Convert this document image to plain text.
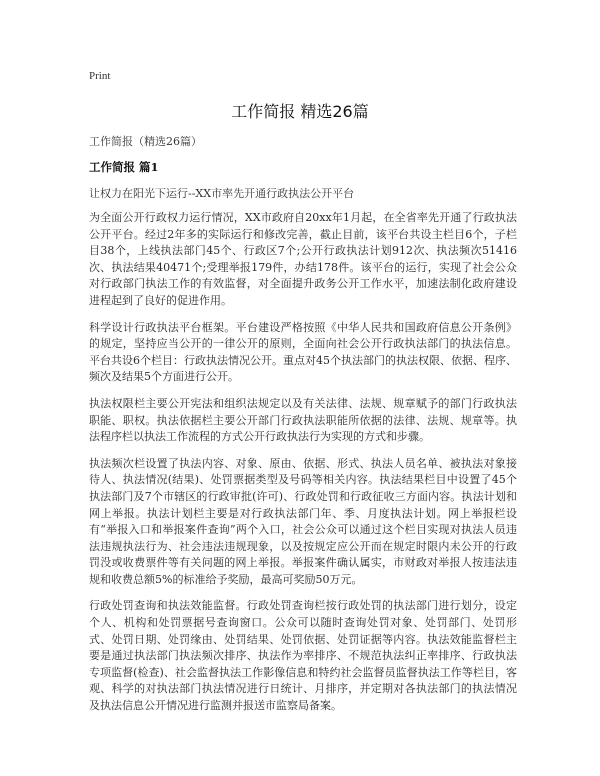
Print
工作简报 精选26篇
工作简报（精选26篇）
工作简报 篇1
让权力在阳光下运行--XX市率先开通行政执法公开平台

为全面公开行政权力运行情况，XX市政府自20xx年1月起，在全省率先开通了行政执法公开平台。经过2年多的实际运行和修改完善，截止目前，该平台共设主栏目6个，子栏目38个，上线执法部门45个、行政区7个;公开行政执法计划912次、执法频次51416次、执法结果40471个;受理举报179件，办结178件。该平台的运行，实现了社会公众对行政部门执法工作的有效监督，对全面提升政务公开工作水平，加速法制化政府建设进程起到了良好的促进作用。

科学设计行政执法平台框架。平台建设严格按照《中华人民共和国政府信息公开条例》的规定，坚持应当公开的一律公开的原则，全面向社会公开行政执法部门的执法信息。平台共设6个栏目：行政执法情况公开。重点对45个执法部门的执法权限、依据、程序、频次及结果5个方面进行公开。

执法权限栏主要公开宪法和组织法规定以及有关法律、法规、规章赋予的部门行政执法职能、职权。执法依据栏主要公开部门行政执法职能所依据的法律、法规、规章等。执法程序栏以执法工作流程的方式公开行政执法行为实现的方式和步骤。

执法频次栏设置了执法内容、对象、原由、依据、形式、执法人员名单、被执法对象接待人、执法情况(结果)、处罚票据类型及号码等相关内容。执法结果栏目中设置了45个执法部门及7个市辖区的行政审批(许可)、行政处罚和行政征收三方面内容。执法计划和网上举报。执法计划栏主要是对行政执法部门年、季、月度执法计划。网上举报栏设有“举报入口和举报案件查询”两个入口，社会公众可以通过这个栏目实现对执法人员违法违规执法行为、社会违法违规现象，以及按规定应公开而在规定时限内未公开的行政罚没或收费票件等有关问题的网上举报。举报案件确认属实，市财政对举报人按违法违规和收费总额5%的标准给予奖励，最高可奖励50万元。

行政处罚查询和执法效能监督。行政处罚查询栏按行政处罚的执法部门进行划分，设定个人、机构和处罚票据号查询窗口。公众可以随时查询处罚对象、处罚部门、处罚形式、处罚日期、处罚缘由、处罚结果、处罚依据、处罚证据等内容。执法效能监督栏主要是通过执法部门执法频次排序、执法作为率排序、不规范执法纠正率排序、行政执法专项监督(检查)、社会监督执法工作影像信息和特约社会监督员监督执法工作等栏目，客观、科学的对执法部门执法情况进行日统计、月排序，并定期对各执法部门的执法情况及执法信息公开情况进行监测并报送市监察局备案。
